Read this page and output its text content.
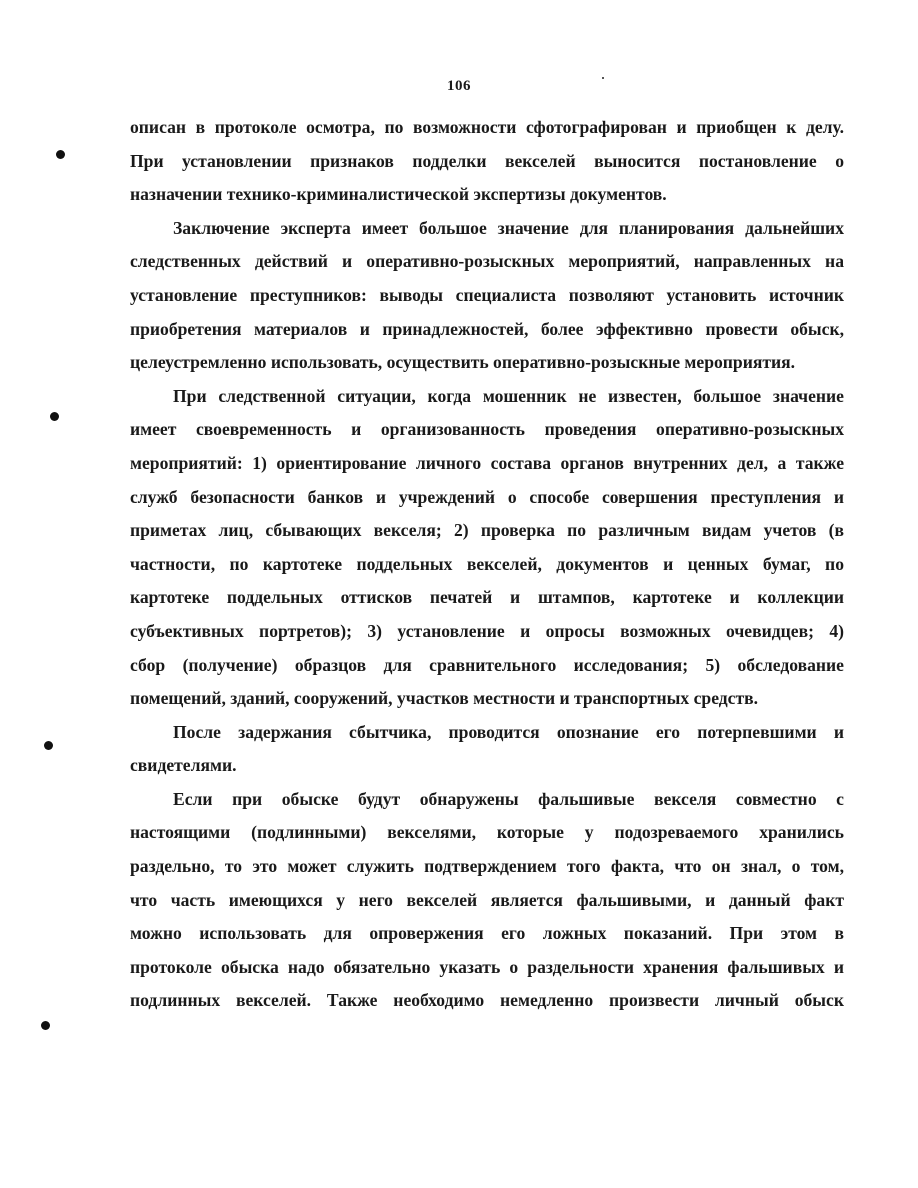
106

описан в протоколе осмотра, по возможности сфотографирован и приобщен к делу.
При установлении признаков подделки векселей выносится постановление о
назначении технико-криминалистической экспертизы документов.

Заключение эксперта имеет большое значение для планирования дальнейших
следственных действий и оперативно-розыскных мероприятий, направленных на
установление преступников: выводы специалиста позволяют установить источник
приобретения материалов и принадлежностей, более эффективно провести обыск,
целеустремленно использовать, осуществить оперативно-розыскные мероприятия.

При следственной ситуации, когда мошенник не известен, большое значение
имеет своевременность и организованность проведения оперативно-розыскных
мероприятий: 1) ориентирование личного состава органов внутренних дел, а также
служб безопасности банков и учреждений о способе совершения преступления и
приметах лиц, сбывающих векселя; 2) проверка по различным видам учетов (в
частности, по картотеке поддельных векселей, документов и ценных бумаг, по
картотеке поддельных оттисков печатей и штампов, картотеке и коллекции
субъективных портретов); 3) установление и опросы возможных очевидцев; 4)
сбор (получение) образцов для сравнительного исследования; 5) обследование
помещений, зданий, сооружений, участков местности и транспортных средств.

После задержания сбытчика, проводится опознание его потерпевшими и
свидетелями.

Если при обыске будут обнаружены фальшивые векселя совместно с
настоящими (подлинными) векселями, которые у подозреваемого хранились
раздельно, то это может служить подтверждением того факта, что он знал, о том,
что часть имеющихся у него векселей является фальшивыми, и данный факт
можно использовать для опровержения его ложных показаний. При этом в
протоколе обыска надо обязательно указать о раздельности хранения фальшивых и
подлинных векселей. Также необходимо немедленно произвести личный обыск
